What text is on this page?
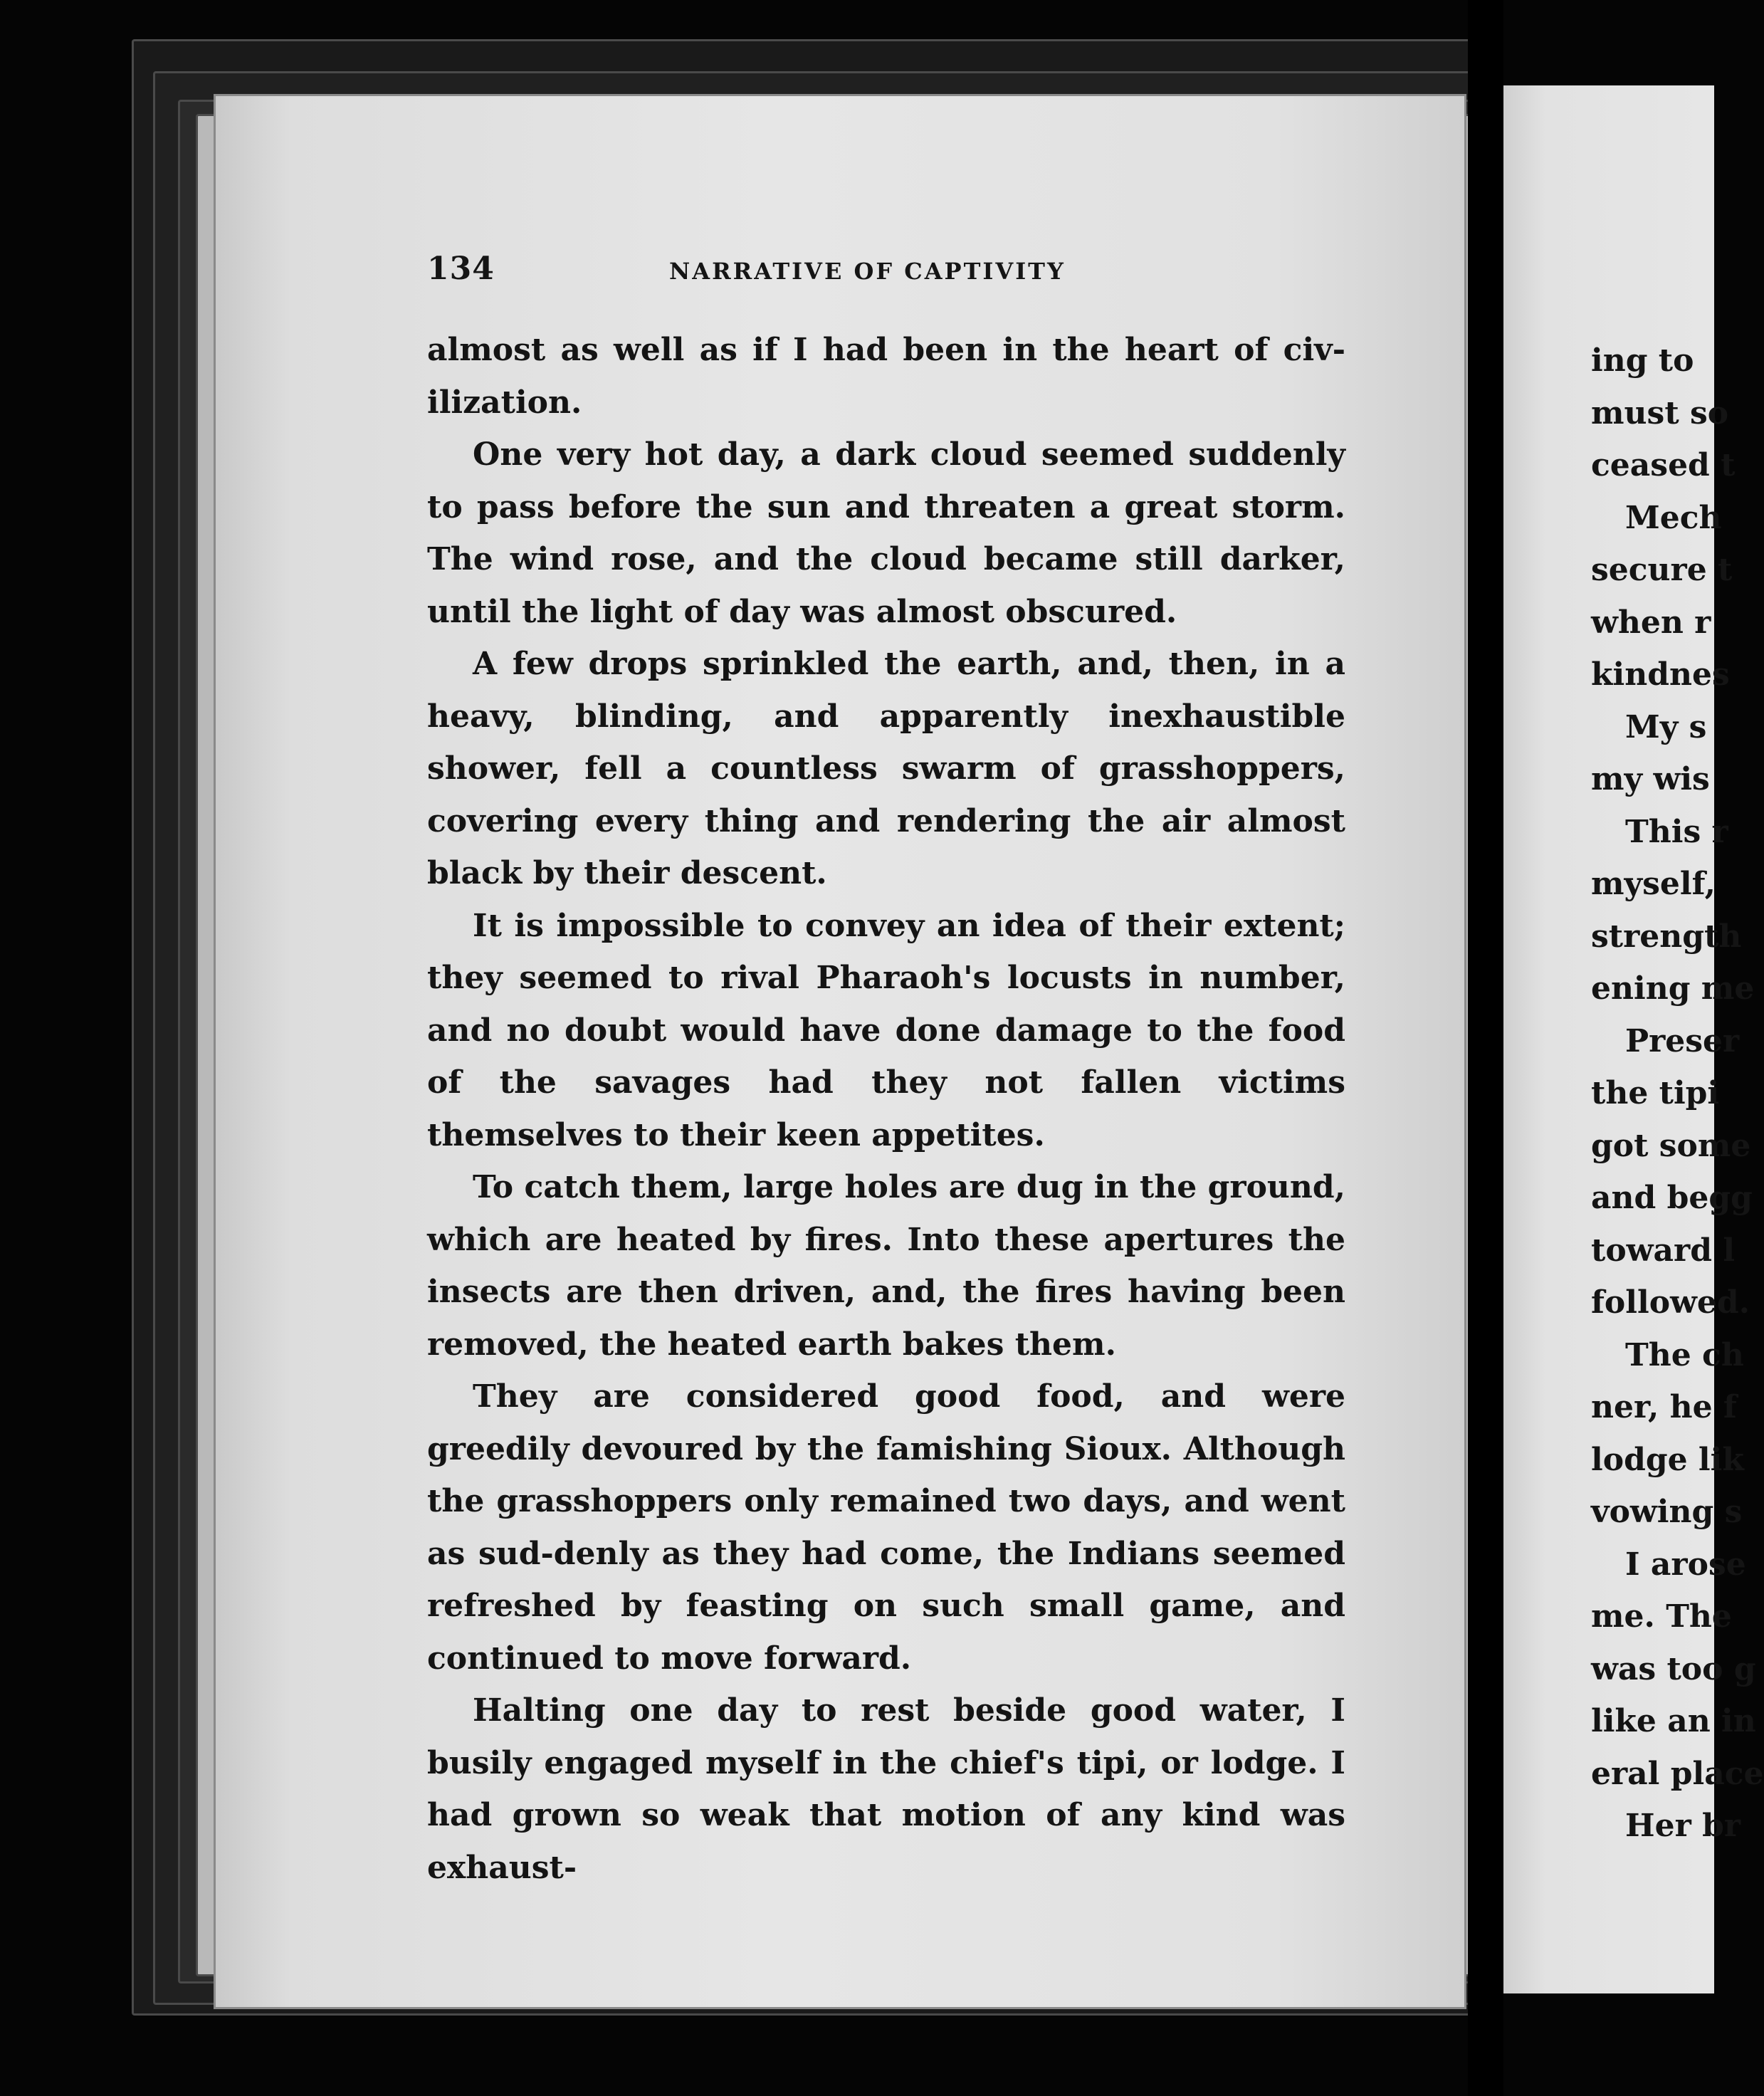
134	NARRATIVE OF CAPTIVITY

almost as well as if I had been in the heart of civ-ilization.

One very hot day, a dark cloud seemed suddenly to pass before the sun and threaten a great storm. The wind rose, and the cloud became still darker, until the light of day was almost obscured.

A few drops sprinkled the earth, and, then, in a heavy, blinding, and apparently inexhaustible shower, fell a countless swarm of grasshoppers, covering every thing and rendering the air almost black by their descent.

It is impossible to convey an idea of their extent; they seemed to rival Pharaoh's locusts in number, and no doubt would have done damage to the food of the savages had they not fallen victims themselves to their keen appetites.

To catch them, large holes are dug in the ground, which are heated by fires. Into these apertures the insects are then driven, and, the fires having been removed, the heated earth bakes them.

They are considered good food, and were greedily devoured by the famishing Sioux. Although the grasshoppers only remained two days, and went as sud-denly as they had come, the Indians seemed refreshed by feasting on such small game, and continued to move forward.

Halting one day to rest beside good water, I busily engaged myself in the chief's tipi, or lodge. I had grown so weak that motion of any kind was exhaust-

ing to
must so
ceased t
Mech
secure t
when r
kindnes
My s
my wis
This r
myself,
strength
ening me
Preser
the tipi
got some
and begg
toward l
followed.
The ch
ner, he f
lodge lik
vowing s
I arose
me. The
was too g
like an in
eral place
Her br
